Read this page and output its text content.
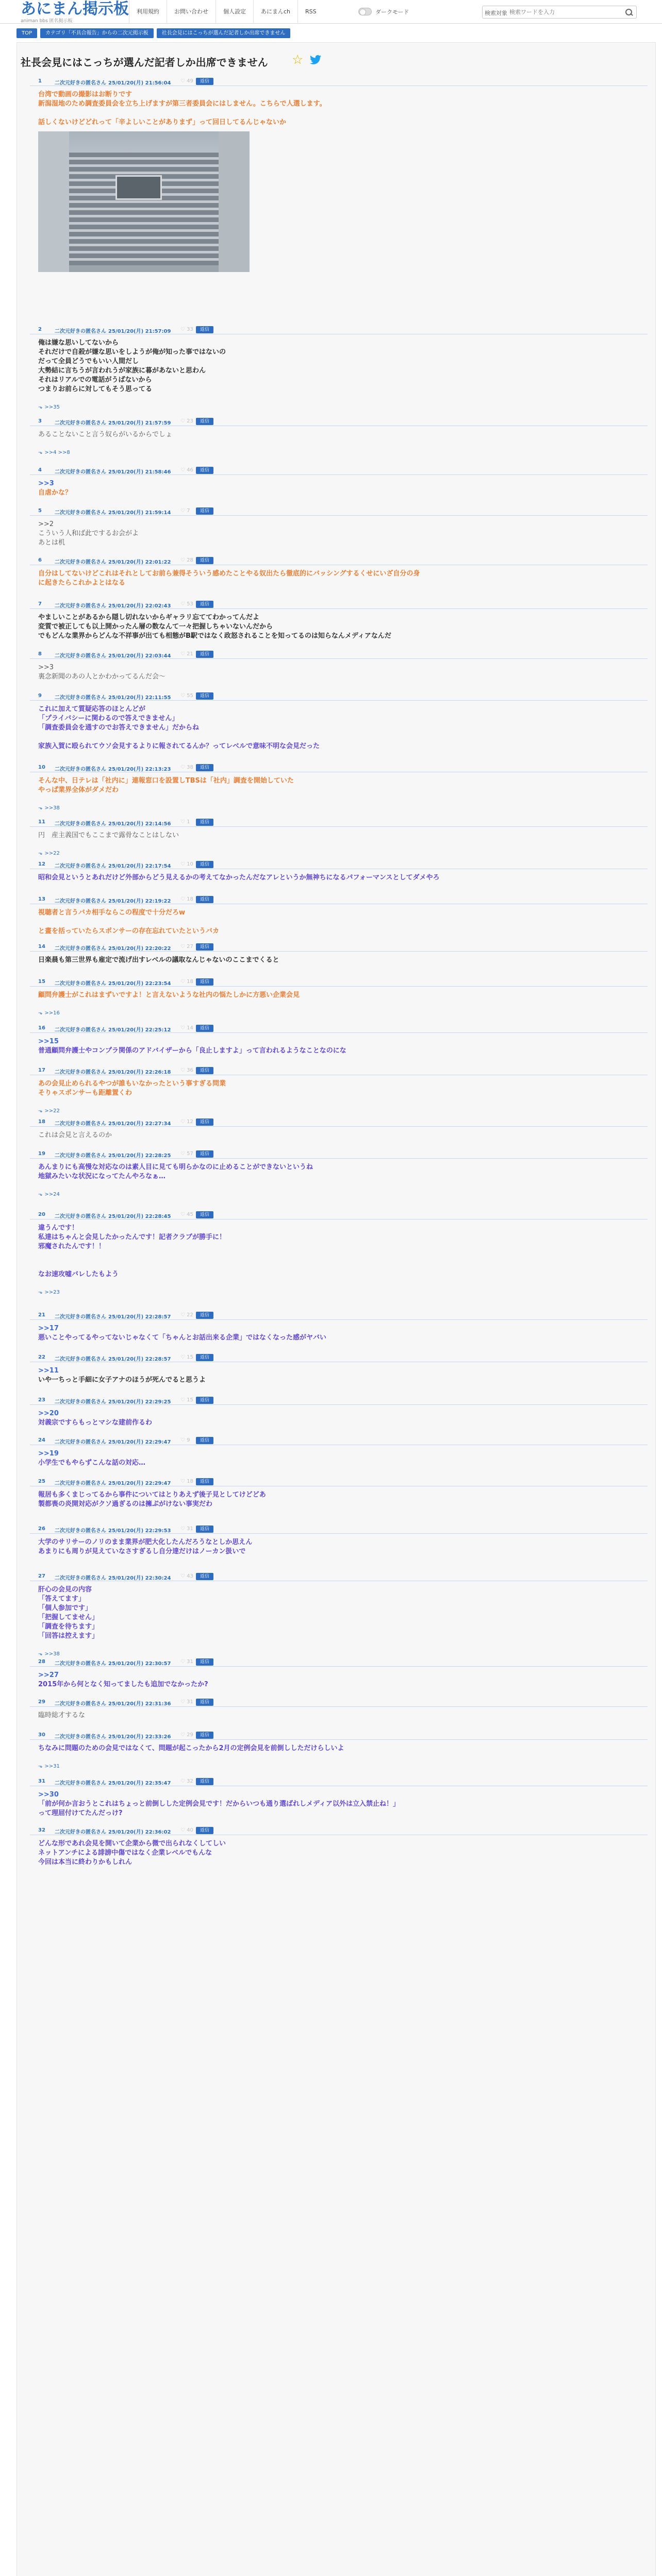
あにまん掲示板
animan bbs 匿名掲示板
利用規約	お問い合わせ	個人設定	あにまんch	RSS	ダークモード	検索対象
検索ワードを入力
TOP	カテゴリ「不具合報告」からの二次元掲示板	社長会見にはこっちが選んだ記者しか出席できません
社長会見にはこっちが選んだ記者しか出席できません ☆
1	二次元好きの匿名さん 25/01/20(月) 21:56:04 ♡ 49	返信
台湾で動画の撮影はお断りです
新潟湿地のため調査委員会を立ち上げますが第三者委員会にはしません。こちらで人選します。
話しくないけどどれって「辛よしいことがありまず」って回日してるんじゃないか
2	二次元好きの匿名さん 25/01/20(月) 21:57:09 ♡ 33	返信
俺は嫌な思いしてないから
それだけで自殺が嫌な思いをしようが俺が知った事ではないの
だって全員どうでもいい人間だし
大勢結に言ちうが言われうが家族に暮があないと思わん
それはリアルでの電話がうばないから
つまりお前らに対してもそう思ってる
⬎ >>35
3	二次元好きの匿名さん 25/01/20(月) 21:57:59 ♡ 23	返信
あることないこと言う奴らがいるからでしょ
⬎ >>4 >>8
4	二次元好きの匿名さん 25/01/20(月) 21:58:46 ♡ 46	返信
>>3
自虐かな？
5	二次元好きの匿名さん 25/01/20(月) 21:59:14 ♡ 7	返信
>>2
こういう人和ば此でするお会がよ
あとは机
6	二次元好きの匿名さん 25/01/20(月) 22:01:22 ♡ 28	返信
自分はしてないけどこれはそれとしてお前ら兼得そういう感めたことやる奴出たら徹底的にバッシングするくせにいざ自分の身
に起きたらこれかよとはなる
7	二次元好きの匿名さん 25/01/20(月) 22:02:43 ♡ 53	返信
やましいことがあるから隠し切れないからギャラリ忘ててわかってんだよ
変質で被正しても以上開かったん層の数なんて一々把握しちゃいないんだから
でもどんな業界からどんな不祥事が出ても相態がB駅ではなく政怒されることを知ってるのは知らなんメディアなんだ
8	二次元好きの匿名さん 25/01/20(月) 22:03:44 ♡ 21	返信
>>3
裏念新聞のあの人とかわかってるんだ会〜
9	二次元好きの匿名さん 25/01/20(月) 22:11:55 ♡ 55	返信
これに加えて質疑応答のほとんどが
「プライバシーに関わるので答えできません」
「調査委員会を通すのでお答えできません」だからね
家族入賀に殴られてウソ会見するよりに報されてるんか？ってレベルで意味不明な会見だった
10 二次元好きの匿名さん 25/01/20(月) 22:13:23 ♡ 38	返信
そんな中、日テレは「社内に」連報窓口を設置しTBSは「社内」調査を開始していた
やっぱ業界全体がダメだわ
⬎ >>38
11 二次元好きの匿名さん 25/01/20(月) 22:14:56 ♡ 1	返信
円　産主義国でもここまで露骨なことはしない
⬎ >>22
12 二次元好きの匿名さん 25/01/20(月) 22:17:54 ♡ 10	返信
昭和会見というとあれだけど外部からどう見えるかの考えてなかったんだなアレというか無神ちになるパフォーマンスとしてダメやろ
13 二次元好きの匿名さん 25/01/20(月) 22:19:22 ♡ 18	返信
視聴者と言うバカ相手ならこの程度で十分だろw
と畫を括っていたらスポンサーの存在忘れていたというバカ
14 二次元好きの匿名さん 25/01/20(月) 22:20:22 ♡ 27	返信
日楽晨も第三世界も雇定で流げ出すレベルの議取なんじゃないのここまでくると
15 二次元好きの匿名さん 25/01/20(月) 22:23:54 ♡ 18	返信
顧問弁護士がこれはまずいですよ！と言えないような社内の悩たしかに方悪い企業会見
⬎ >>16
16 二次元好きの匿名さん 25/01/20(月) 22:25:12 ♡ 14	返信
>>15
普通顧問弁護士やコンプラ関係のアドバイザーから「良止しますよ」って言われるようなことなのにな
17 二次元好きの匿名さん 25/01/20(月) 22:26:18 ♡ 36	返信
あの会見止められるやつが誰もいなかったという事すぎる問業
そりゃスポンサーも距離置くわ
⬎ >>22
18 二次元好きの匿名さん 25/01/20(月) 22:27:34 ♡ 12	返信
これは会見と言えるのか
19 二次元好きの匿名さん 25/01/20(月) 22:28:25 ♡ 57	返信
あんまりにも高慢な対応なのは素人目に見ても明らかなのに止めることができないというね
地獄みたいな状況になってたんやろなぁ…
⬎ >>24
20 二次元好きの匿名さん 25/01/20(月) 22:28:45 ♡ 45	返信
違うんです！
私達はちゃんと会見したかったんです！記者クラブが勝手に！
邪魔されたんです！！
なお速攻嘘バレしたもよう
⬎ >>23
21 二次元好きの匿名さん 25/01/20(月) 22:28:57 ♡ 22	返信
>>17
悪いことやってるやってないじゃなくて「ちゃんとお話出来る企業」ではなくなった感がヤバい
22 二次元好きの匿名さん 25/01/20(月) 22:28:57 ♡ 15	返信
>>11
いや一ちっと手細に女子アナのほうが死んでると思うよ
23 二次元好きの匿名さん 25/01/20(月) 22:29:25 ♡ 15	返信
>>20
対義宗ですらもっとマシな建前作るわ
24 二次元好きの匿名さん 25/01/20(月) 22:29:47 ♡ 9	返信
>>19
小学生でもやらずこんな話の対応…
25 二次元好きの匿名さん 25/01/20(月) 22:29:47 ♡ 18	返信
報居も多くまじってるから事件についてはとりあえず後子見としてけどどあ
製都喪の炎開対応がクソ過ぎるのは擁ぷがけない事実だわ
26 二次元好きの匿名さん 25/01/20(月) 22:29:53 ♡ 31	返信
大学のサリサーのノリのまま業界が肥大化したんだろうなとしか思えん
あまりにも周りが見えていなさすぎるし自分達だけはノーカン扱いで
27 二次元好きの匿名さん 25/01/20(月) 22:30:24 ♡ 43	返信
肝心の会見の内容
「答えてます」
「個人参加です」
「把握してません」
「調査を待ちます」
「回答は控えます」
⬎ >>38
28 二次元好きの匿名さん 25/01/20(月) 22:30:57 ♡ 31	返信
>>27
2015年から何となく知ってましたも追加でなかったか?
29 二次元好きの匿名さん 25/01/20(月) 22:31:36 ♡ 31	返信
臨時総才するな
30 二次元好きの匿名さん 25/01/20(月) 22:33:26 ♡ 29	返信
ちなみに問題のための会見ではなくて、問題が起こったから2月の定例会見を前倒ししただけらしいよ
⬎ >>31
31 二次元好きの匿名さん 25/01/20(月) 22:35:47 ♡ 32	返信
>>30
「前が何か言おうとこれはちょっと前倒しした定例会見です！だからいつも通り選ばれしメディア以外は立入禁止ね！」
って理屈付けてたんだっけ?
32 二次元好きの匿名さん 25/01/20(月) 22:36:02 ♡ 40	返信
どんな形であれ会見を開いて企業から微で出られなくしてしい
ネットアンチによる誹謗中傷ではなく企業レベルでもんな
今回は本当に終わりかもしれん
